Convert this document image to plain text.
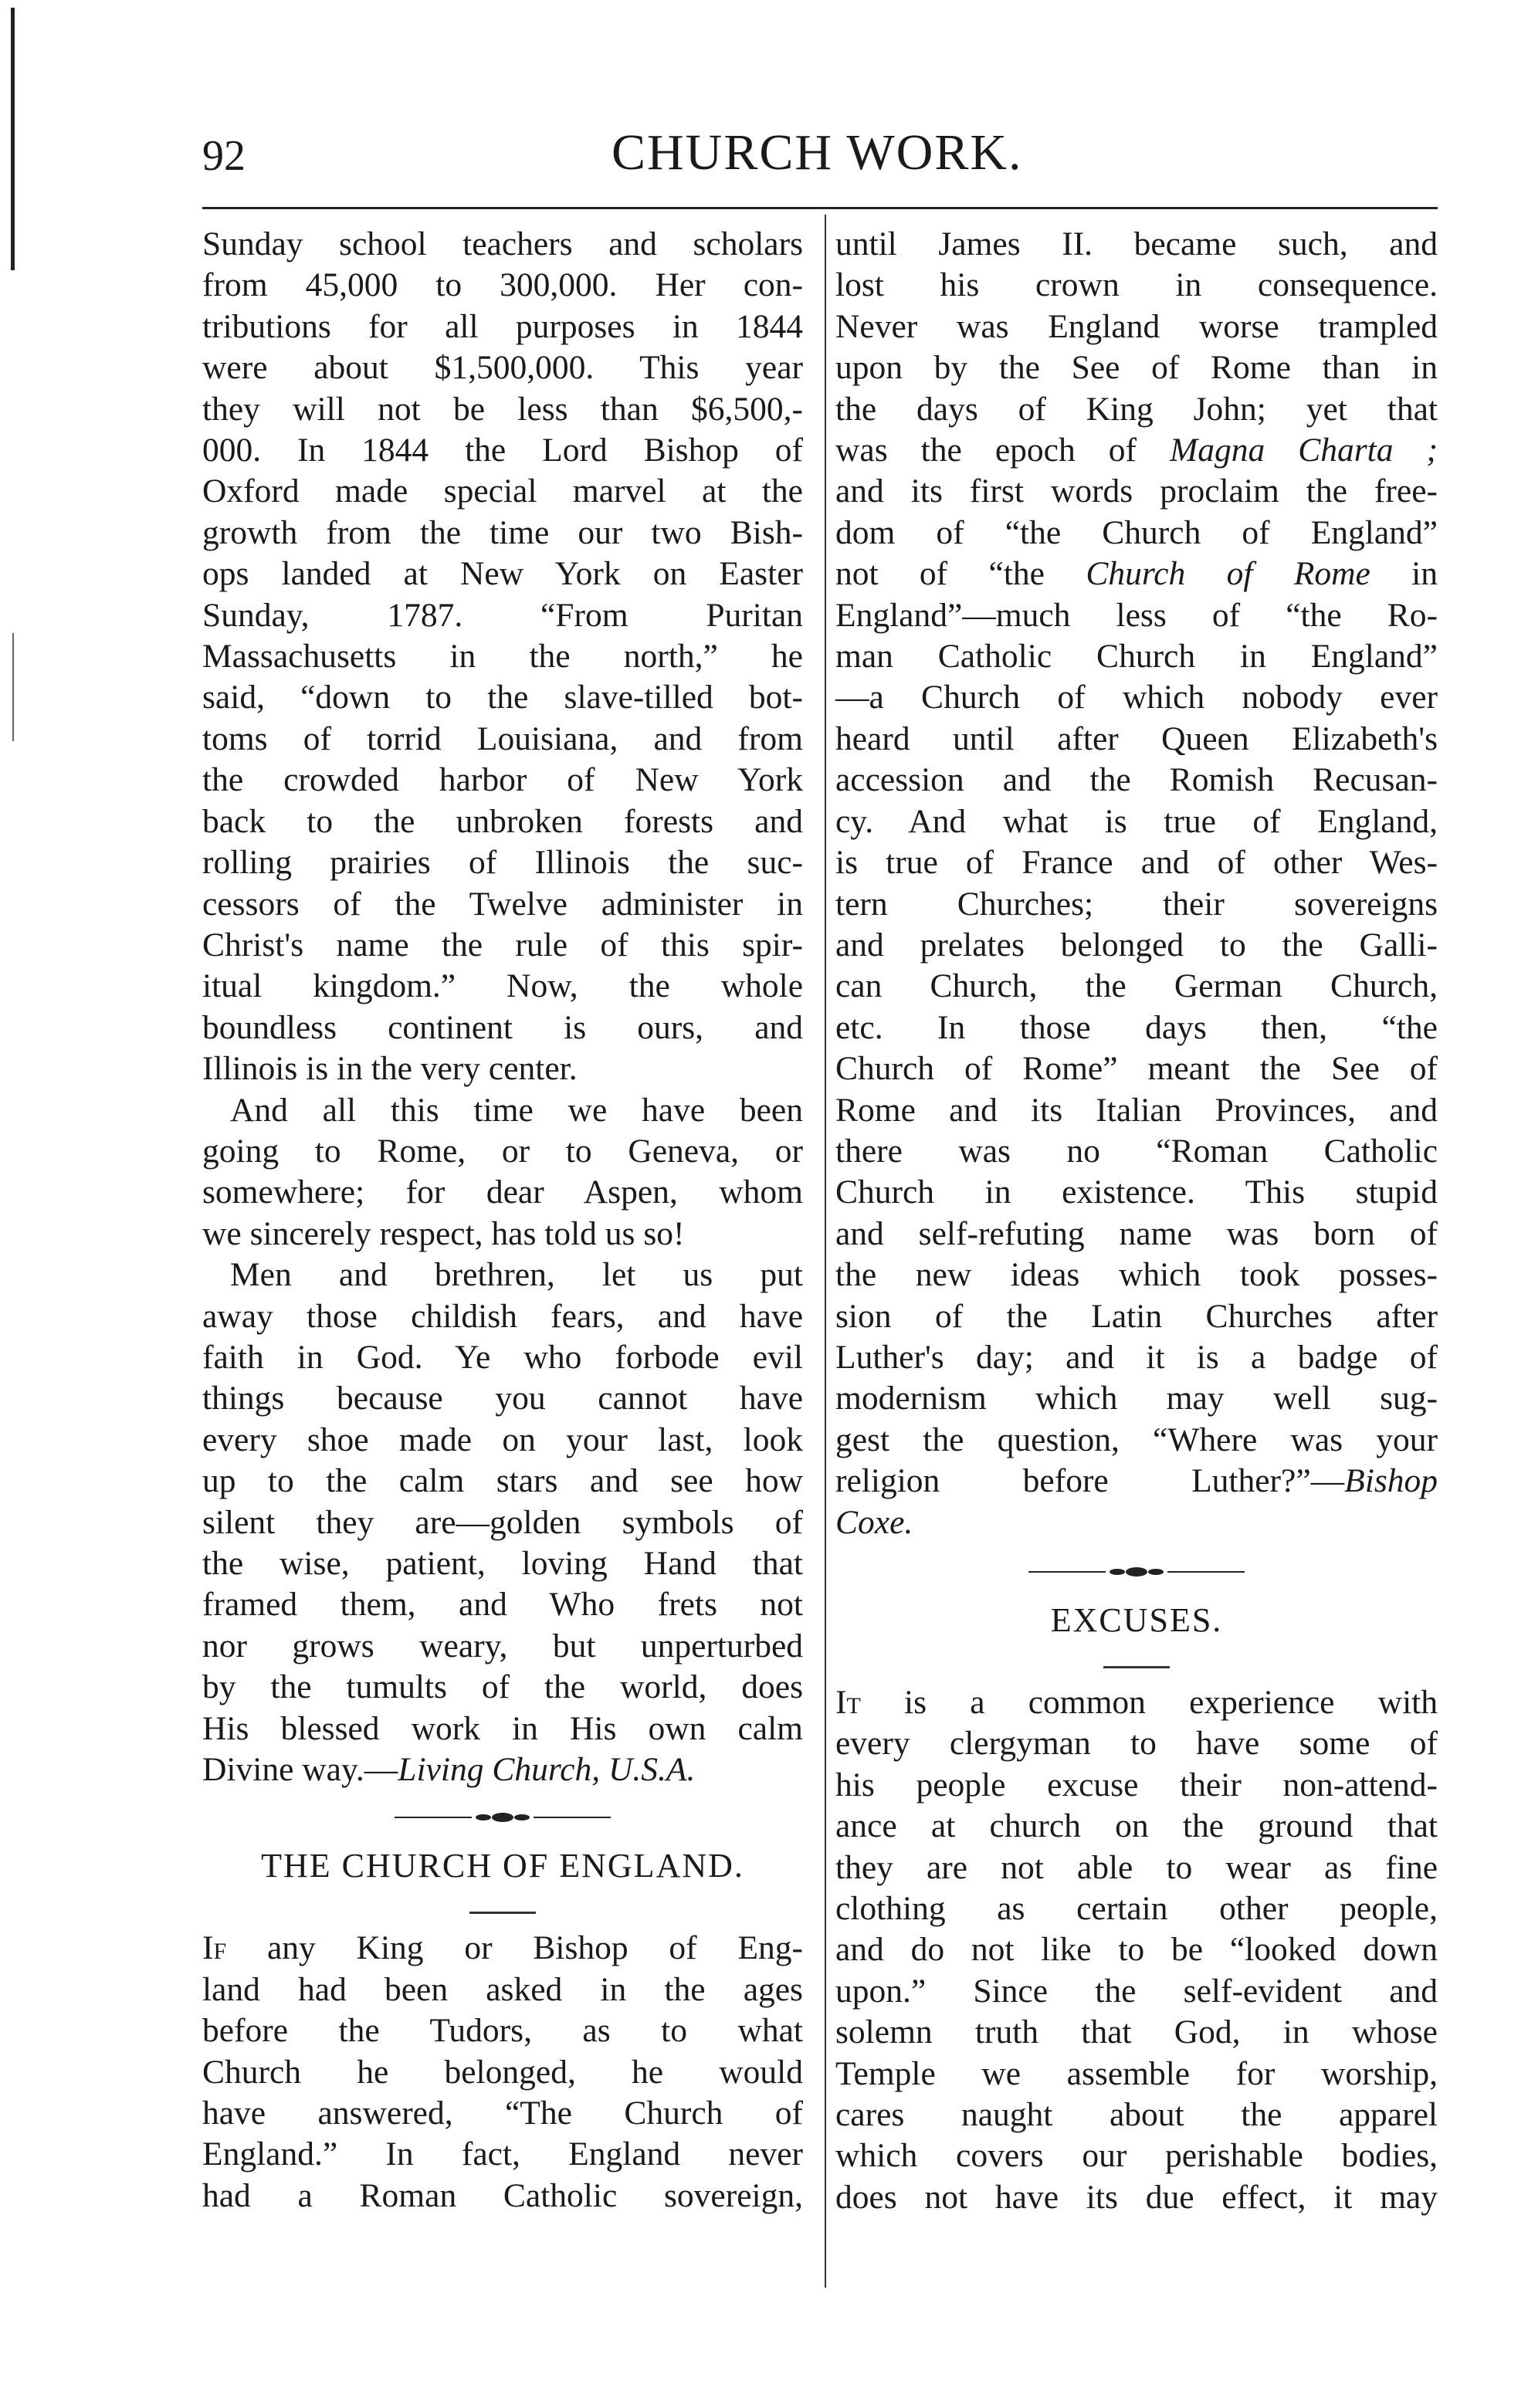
92	CHURCH WORK.

Sunday school teachers and scholars
from 45,000 to 300,000. Her con-
tributions for all purposes in 1844
were about $1,500,000. This year
they will not be less than $6,500,-
000. In 1844 the Lord Bishop of
Oxford made special marvel at the
growth from the time our two Bish-
ops landed at New York on Easter
Sunday, 1787. “From Puritan
Massachusetts in the north,” he
said, “down to the slave-tilled bot-
toms of torrid Louisiana, and from
the crowded harbor of New York
back to the unbroken forests and
rolling prairies of Illinois the suc-
cessors of the Twelve administer in
Christ's name the rule of this spir-
itual kingdom.” Now, the whole
boundless continent is ours, and
Illinois is in the very center.

And all this time we have been
going to Rome, or to Geneva, or
somewhere; for dear Aspen, whom
we sincerely respect, has told us so!

Men and brethren, let us put
away those childish fears, and have
faith in God. Ye who forbode evil
things because you cannot have
every shoe made on your last, look
up to the calm stars and see how
silent they are—golden symbols of
the wise, patient, loving Hand that
framed them, and Who frets not
nor grows weary, but unperturbed
by the tumults of the world, does
His blessed work in His own calm

Divine way.—Living Church, U.S.A.
THE CHURCH OF ENGLAND.

If any King or Bishop of Eng-
land had been asked in the ages
before the Tudors, as to what
Church he belonged, he would
have answered, “The Church of
England.” In fact, England never
had a Roman Catholic sovereign,

until James II. became such, and
lost his crown in consequence.
Never was England worse trampled
upon by the See of Rome than in
the days of King John; yet that
was the epoch of Magna Charta ;
and its first words proclaim the free-
dom of “the Church of England”
not of “the Church of Rome in
England”—much less of “the Ro-
man Catholic Church in England”
—a Church of which nobody ever
heard until after Queen Elizabeth's
accession and the Romish Recusan-
cy. And what is true of England,
is true of France and of other Wes-
tern Churches; their sovereigns
and prelates belonged to the Galli-
can Church, the German Church,
etc. In those days then, “the
Church of Rome” meant the See of
Rome and its Italian Provinces, and
there was no “Roman Catholic
Church in existence. This stupid
and self-refuting name was born of
the new ideas which took posses-
sion of the Latin Churches after
Luther's day; and it is a badge of
modernism which may well sug-
gest the question, “Where was your
religion before Luther?”—Bishop
Coxe.

EXCUSES.

It is a common experience with
every clergyman to have some of
his people excuse their non-attend-
ance at church on the ground that
they are not able to wear as fine
clothing as certain other people,
and do not like to be “looked down
upon.” Since the self-evident and
solemn truth that God, in whose
Temple we assemble for worship,
cares naught about the apparel
which covers our perishable bodies,
does not have its due effect, it may
